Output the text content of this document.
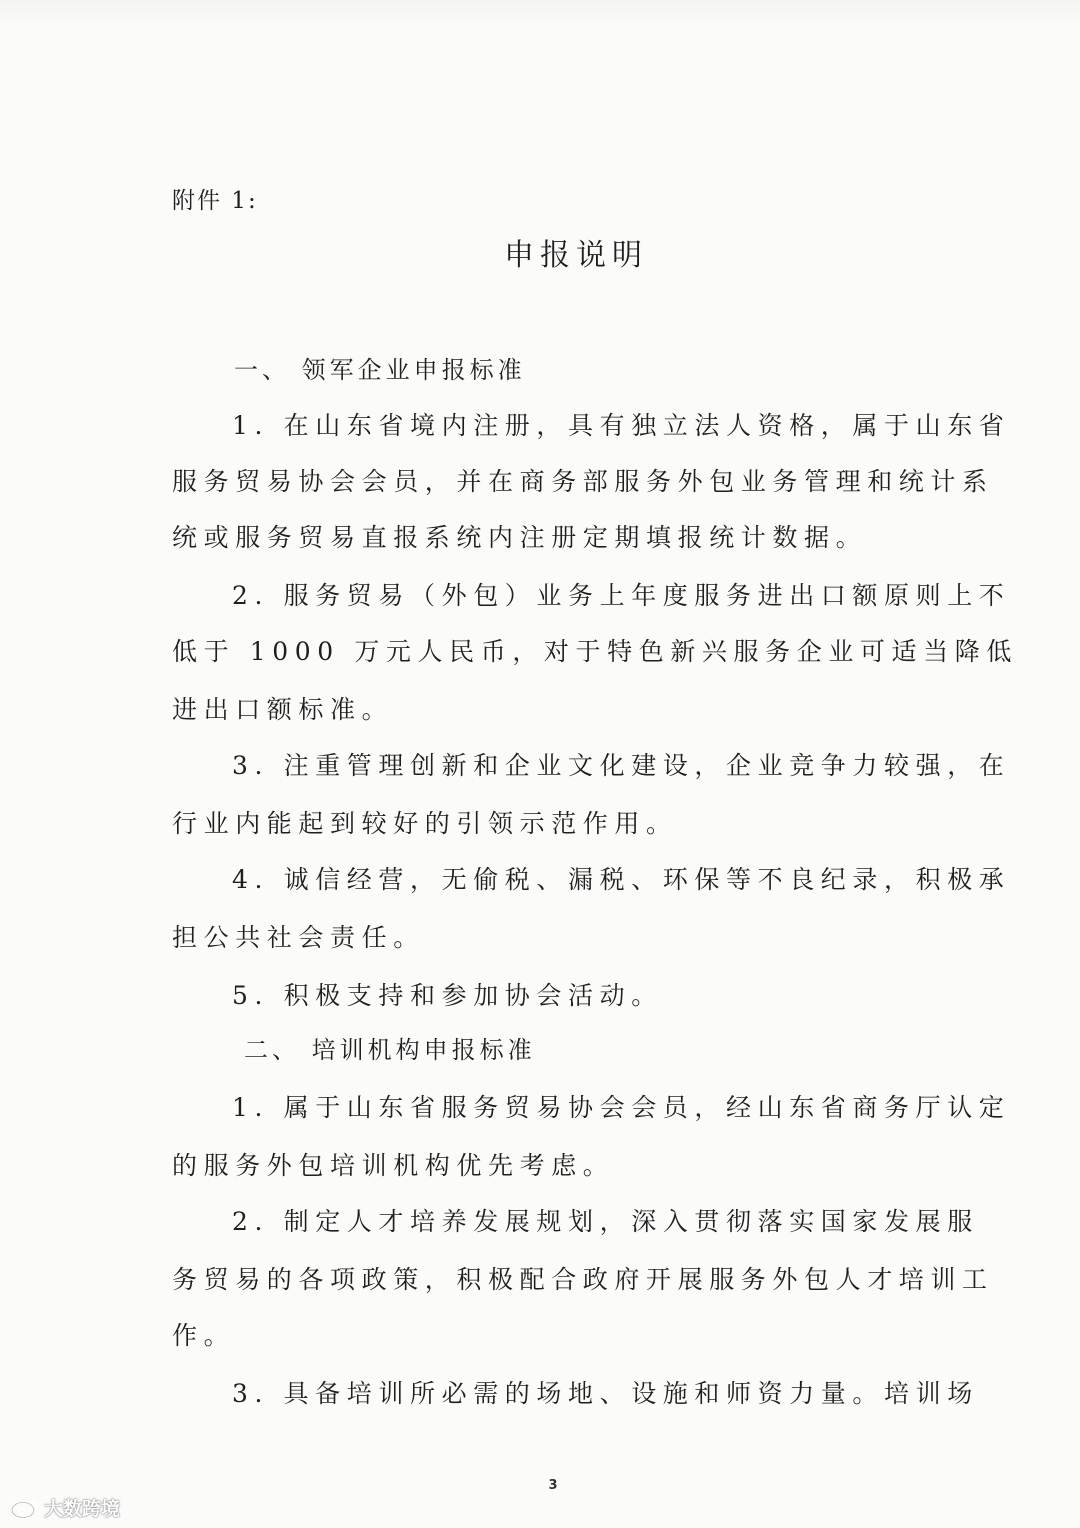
附件 1:
申报说明
一、 领军企业申报标准
1. 在山东省境内注册，具有独立法人资格，属于山东省
服务贸易协会会员，并在商务部服务外包业务管理和统计系
统或服务贸易直报系统内注册定期填报统计数据。
2. 服务贸易（外包）业务上年度服务进出口额原则上不
低于 1000 万元人民币，对于特色新兴服务企业可适当降低
进出口额标准。
3. 注重管理创新和企业文化建设，企业竞争力较强，在
行业内能起到较好的引领示范作用。
4. 诚信经营，无偷税、漏税、环保等不良纪录，积极承
担公共社会责任。
5. 积极支持和参加协会活动。
二、 培训机构申报标准
1. 属于山东省服务贸易协会会员，经山东省商务厅认定
的服务外包培训机构优先考虑。
2. 制定人才培养发展规划，深入贯彻落实国家发展服
务贸易的各项政策，积极配合政府开展服务外包人才培训工
作。
3. 具备培训所必需的场地、设施和师资力量。培训场
3
大数跨境
